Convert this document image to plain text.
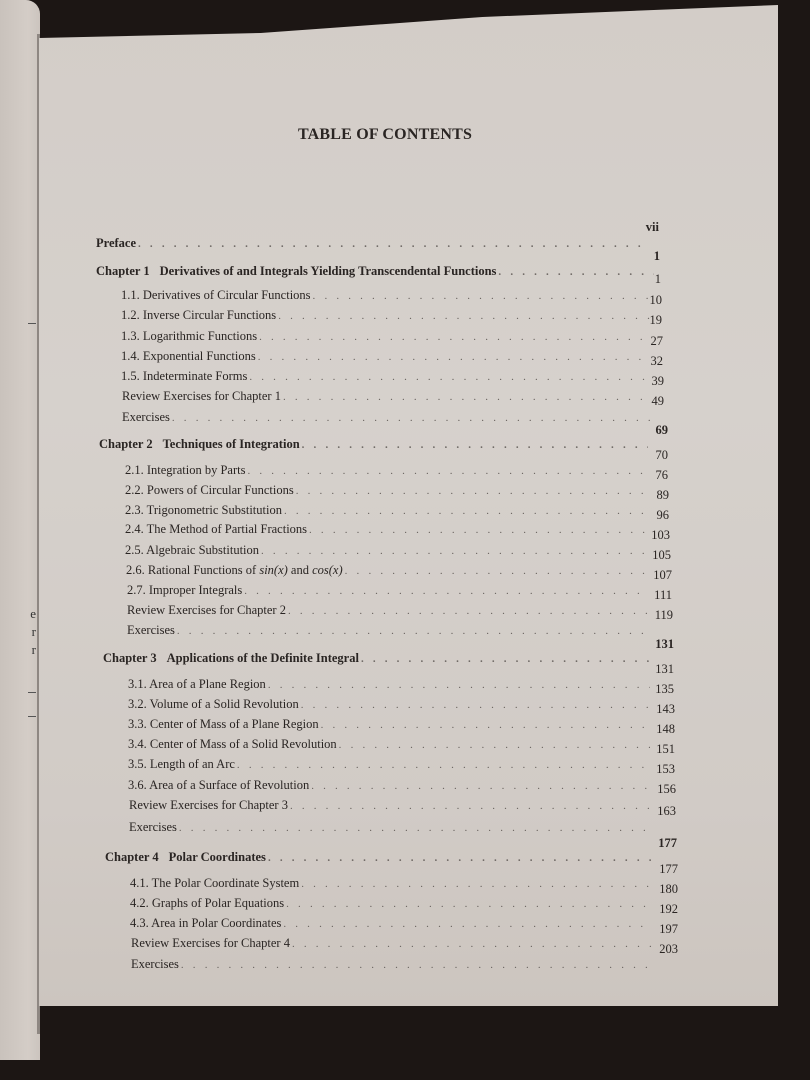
e
r
r
TABLE OF CONTENTS
Preface
. . .
vii
Chapter 1 Derivatives of and Integrals Yielding Transcendental Functions
. . .
1
1.1. Derivatives of Circular Functions
. . .
1
1.2. Inverse Circular Functions
. . .
10
1.3. Logarithmic Functions
. . .
19
1.4. Exponential Functions
. . .
27
1.5. Indeterminate Forms
. . .
32
Review Exercises for Chapter 1
. . .
39
Exercises
. . .
49
Chapter 2 Techniques of Integration
. . .
69
2.1. Integration by Parts
. . .
70
2.2. Powers of Circular Functions
. . .
76
2.3. Trigonometric Substitution
. . .
89
2.4. The Method of Partial Fractions
. . .
96
2.5. Algebraic Substitution
. . .
103
2.6. Rational Functions of sin(x) and cos(x)
. . .
105
2.7. Improper Integrals
. . .
107
Review Exercises for Chapter 2
. . .
111
Exercises
. . .
119
Chapter 3 Applications of the Definite Integral
. . .
131
3.1. Area of a Plane Region
. . .
131
3.2. Volume of a Solid Revolution
. . .
135
3.3. Center of Mass of a Plane Region
. . .
143
3.4. Center of Mass of a Solid Revolution
. . .
148
3.5. Length of an Arc
. . .
151
3.6. Area of a Surface of Revolution
. . .
153
Review Exercises for Chapter 3
. . .
156
Exercises
. . .
163
Chapter 4 Polar Coordinates
. . .
177
4.1. The Polar Coordinate System
. . .
177
4.2. Graphs of Polar Equations
. . .
180
4.3. Area in Polar Coordinates
. . .
192
Review Exercises for Chapter 4
. . .
197
Exercises
. . .
203
